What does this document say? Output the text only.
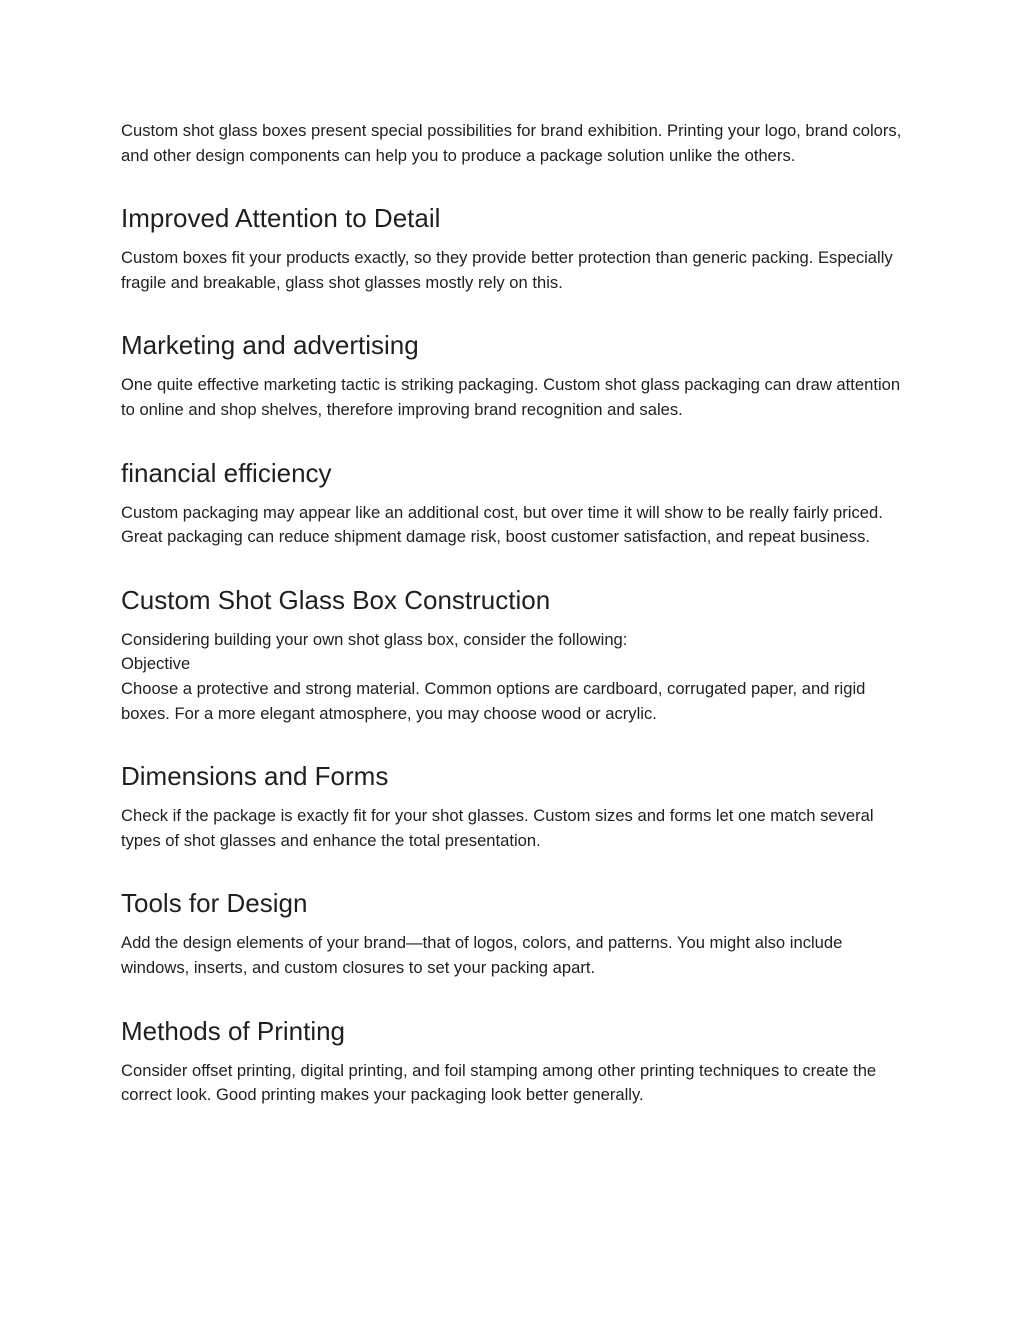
Custom shot glass boxes present special possibilities for brand exhibition. Printing your logo, brand colors, and other design components can help you to produce a package solution unlike the others.

Improved Attention to Detail

Custom boxes fit your products exactly, so they provide better protection than generic packing. Especially fragile and breakable, glass shot glasses mostly rely on this.

Marketing and advertising

One quite effective marketing tactic is striking packaging. Custom shot glass packaging can draw attention to online and shop shelves, therefore improving brand recognition and sales.

financial efficiency

Custom packaging may appear like an additional cost, but over time it will show to be really fairly priced. Great packaging can reduce shipment damage risk, boost customer satisfaction, and repeat business.

Custom Shot Glass Box Construction

Considering building your own shot glass box, consider the following:
Objective
Choose a protective and strong material. Common options are cardboard, corrugated paper, and rigid boxes. For a more elegant atmosphere, you may choose wood or acrylic.

Dimensions and Forms

Check if the package is exactly fit for your shot glasses. Custom sizes and forms let one match several types of shot glasses and enhance the total presentation.

Tools for Design

Add the design elements of your brand—that of logos, colors, and patterns. You might also include windows, inserts, and custom closures to set your packing apart.

Methods of Printing

Consider offset printing, digital printing, and foil stamping among other printing techniques to create the correct look. Good printing makes your packaging look better generally.
